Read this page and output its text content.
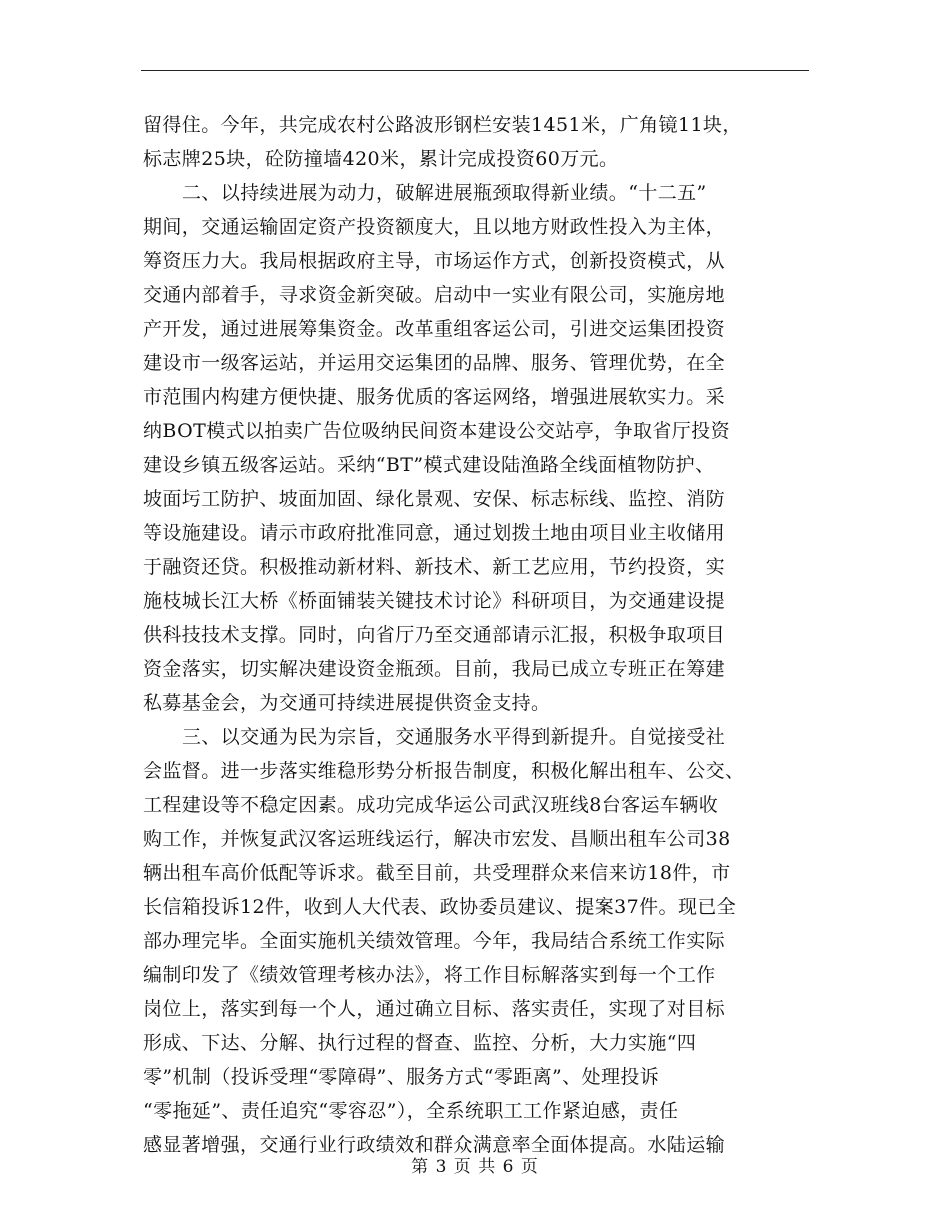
留得住。今年，共完成农村公路波形钢栏安装1451米，广角镜11块，
标志牌25块，砼防撞墙420米，累计完成投资60万元。
二、以持续进展为动力，破解进展瓶颈取得新业绩。“十二五”
期间，交通运输固定资产投资额度大，且以地方财政性投入为主体，
筹资压力大。我局根据政府主导，市场运作方式，创新投资模式，从
交通内部着手，寻求资金新突破。启动中一实业有限公司，实施房地
产开发，通过进展筹集资金。改革重组客运公司，引进交运集团投资
建设市一级客运站，并运用交运集团的品牌、服务、管理优势，在全
市范围内构建方便快捷、服务优质的客运网络，增强进展软实力。采
纳BOT模式以拍卖广告位吸纳民间资本建设公交站亭，争取省厅投资
建设乡镇五级客运站。采纳“BT”模式建设陆渔路全线面植物防护、
坡面圬工防护、坡面加固、绿化景观、安保、标志标线、监控、消防
等设施建设。请示市政府批准同意，通过划拨土地由项目业主收储用
于融资还贷。积极推动新材料、新技术、新工艺应用，节约投资，实
施枝城长江大桥《桥面铺装关键技术讨论》科研项目，为交通建设提
供科技技术支撑。同时，向省厅乃至交通部请示汇报，积极争取项目
资金落实，切实解决建设资金瓶颈。目前，我局已成立专班正在筹建
私募基金会，为交通可持续进展提供资金支持。
三、以交通为民为宗旨，交通服务水平得到新提升。自觉接受社
会监督。进一步落实维稳形势分析报告制度，积极化解出租车、公交、
工程建设等不稳定因素。成功完成华运公司武汉班线8台客运车辆收
购工作，并恢复武汉客运班线运行，解决市宏发、昌顺出租车公司38
辆出租车高价低配等诉求。截至目前，共受理群众来信来访18件，市
长信箱投诉12件，收到人大代表、政协委员建议、提案37件。现已全
部办理完毕。全面实施机关绩效管理。今年，我局结合系统工作实际
编制印发了《绩效管理考核办法》，将工作目标解落实到每一个工作
岗位上，落实到每一个人，通过确立目标、落实责任，实现了对目标
形成、下达、分解、执行过程的督查、监控、分析，大力实施“四
零”机制（投诉受理“零障碍”、服务方式“零距离”、处理投诉
“零拖延”、责任追究“零容忍”），全系统职工工作紧迫感，责任
感显著增强，交通行业行政绩效和群众满意率全面体提高。水陆运输
第 3 页 共 6 页
